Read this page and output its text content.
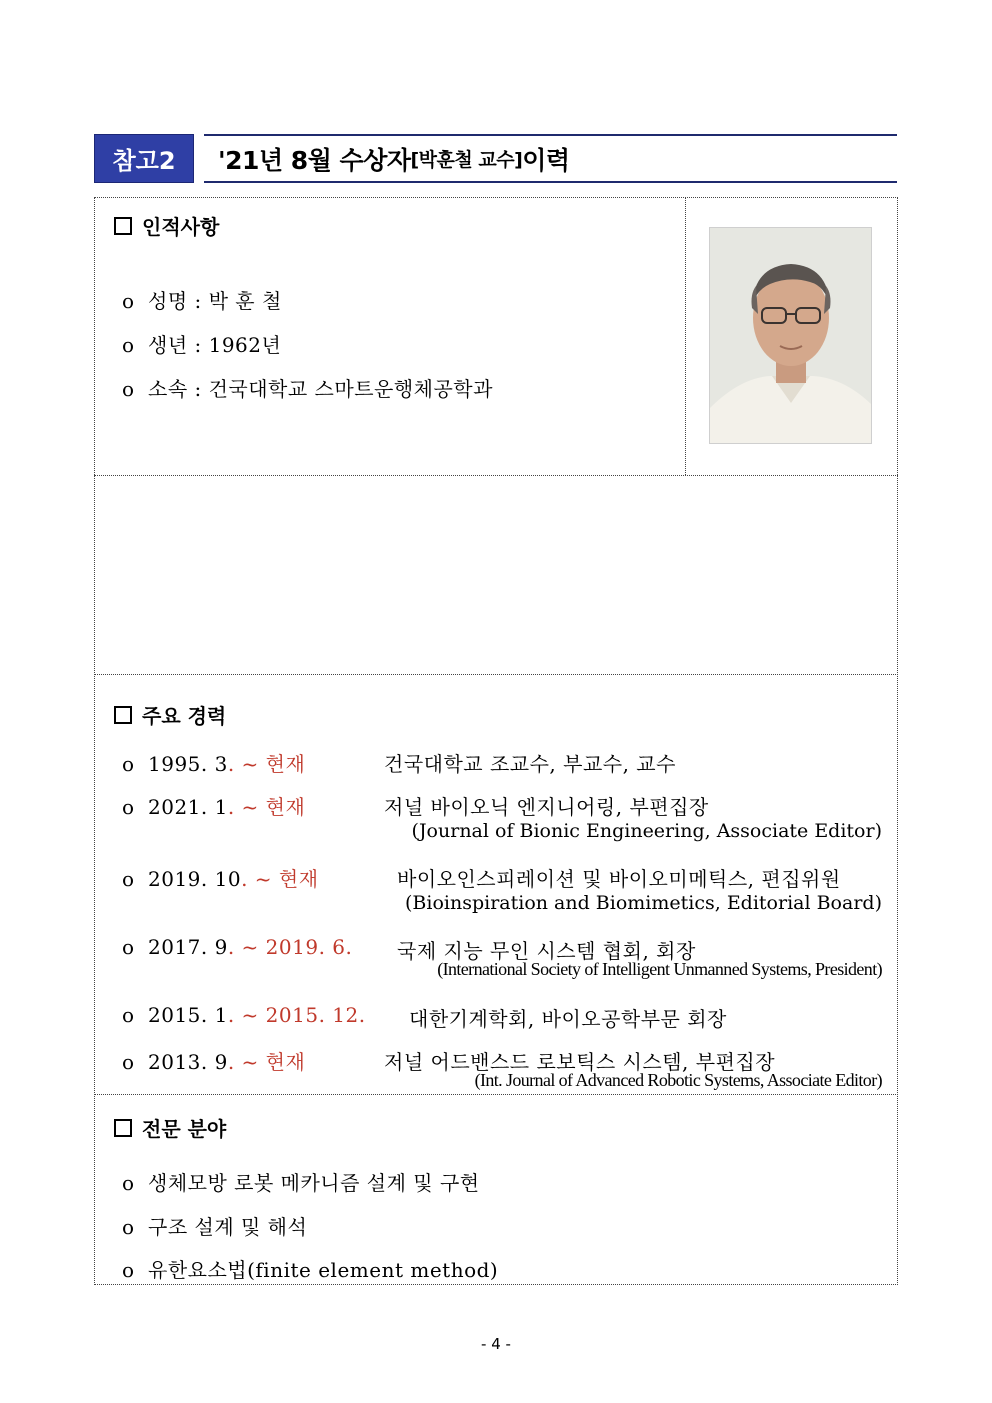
참고2	'21년 8월 수상자 [박훈철 교수] 이력
인적사항
o 성명 : 박 훈 철
o 생년 : 1962년
o 소속 : 건국대학교 스마트운행체공학과
주요 경력
o 1995. 3. ~ 현재	건국대학교 조교수, 부교수, 교수
o 2021. 1. ~ 현재	저널 바이오닉 엔지니어링, 부편집장
(Journal of Bionic Engineering, Associate Editor)
o 2019. 10. ~ 현재	바이오인스피레이션 및 바이오미메틱스, 편집위원
(Bioinspiration and Biomimetics, Editorial Board)
o 2017. 9. ~ 2019. 6. 국제 지능 무인 시스템 협회, 회장
(International Society of Intelligent Unmanned Systems, President)
o 2015. 1. ~ 2015. 12. 대한기계학회, 바이오공학부문 회장
o 2013. 9. ~ 현재	저널 어드밴스드 로보틱스 시스템, 부편집장
(Int. Journal of Advanced Robotic Systems, Associate Editor)
전문 분야
o 생체모방 로봇 메카니즘 설계 및 구현
o 구조 설계 및 해석
o 유한요소법(finite element method)
- 4 -
